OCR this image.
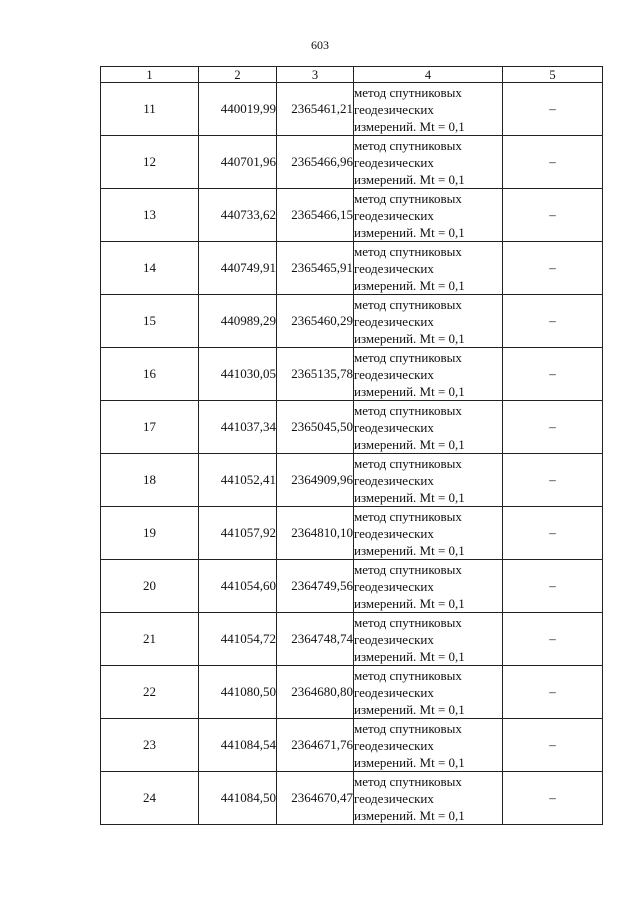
603
1	2	3	4	5
11	440019,99	2365461,21	метод спутниковых
геодезических
измерений. Mt = 0,1	–
12	440701,96	2365466,96	метод спутниковых
геодезических
измерений. Mt = 0,1	–
13	440733,62	2365466,15	метод спутниковых
геодезических
измерений. Mt = 0,1	–
14	440749,91	2365465,91	метод спутниковых
геодезических
измерений. Mt = 0,1	–
15	440989,29	2365460,29	метод спутниковых
геодезических
измерений. Mt = 0,1	–
16	441030,05	2365135,78	метод спутниковых
геодезических
измерений. Mt = 0,1	–
17	441037,34	2365045,50	метод спутниковых
геодезических
измерений. Mt = 0,1	–
18	441052,41	2364909,96	метод спутниковых
геодезических
измерений. Mt = 0,1	–
19	441057,92	2364810,10	метод спутниковых
геодезических
измерений. Mt = 0,1	–
20	441054,60	2364749,56	метод спутниковых
геодезических
измерений. Mt = 0,1	–
21	441054,72	2364748,74	метод спутниковых
геодезических
измерений. Mt = 0,1	–
22	441080,50	2364680,80	метод спутниковых
геодезических
измерений. Mt = 0,1	–
23	441084,54	2364671,76	метод спутниковых
геодезических
измерений. Mt = 0,1	–
24	441084,50	2364670,47	метод спутниковых
геодезических
измерений. Mt = 0,1	–
